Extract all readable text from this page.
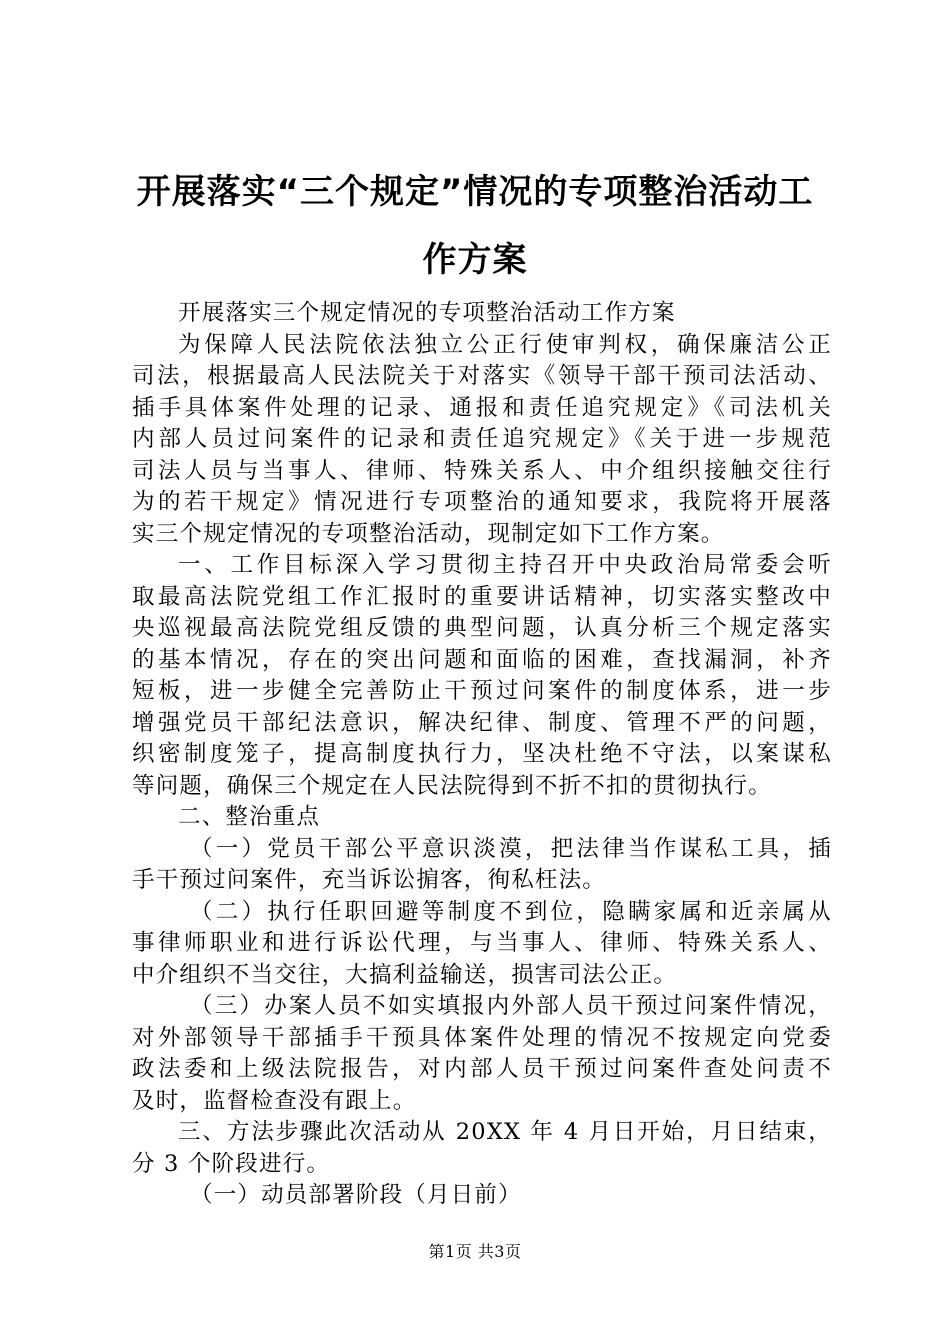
开展落实“三个规定”情况的专项整治活动工
作方案
开展落实三个规定情况的专项整治活动工作方案
为保障人民法院依法独立公正行使审判权，确保廉洁公正
司法，根据最高人民法院关于对落实《领导干部干预司法活动、
插手具体案件处理的记录、通报和责任追究规定》《司法机关
内部人员过问案件的记录和责任追究规定》《关于进一步规范
司法人员与当事人、律师、特殊关系人、中介组织接触交往行
为的若干规定》情况进行专项整治的通知要求，我院将开展落
实三个规定情况的专项整治活动，现制定如下工作方案。
一、工作目标深入学习贯彻主持召开中央政治局常委会听
取最高法院党组工作汇报时的重要讲话精神，切实落实整改中
央巡视最高法院党组反馈的典型问题，认真分析三个规定落实
的基本情况，存在的突出问题和面临的困难，查找漏洞，补齐
短板，进一步健全完善防止干预过问案件的制度体系，进一步
增强党员干部纪法意识，解决纪律、制度、管理不严的问题，
织密制度笼子，提高制度执行力，坚决杜绝不守法，以案谋私
等问题，确保三个规定在人民法院得到不折不扣的贯彻执行。
二、整治重点
（一）党员干部公平意识淡漠，把法律当作谋私工具，插
手干预过问案件，充当诉讼掮客，徇私枉法。
（二）执行任职回避等制度不到位，隐瞒家属和近亲属从
事律师职业和进行诉讼代理，与当事人、律师、特殊关系人、
中介组织不当交往，大搞利益输送，损害司法公正。
（三）办案人员不如实填报内外部人员干预过问案件情况，
对外部领导干部插手干预具体案件处理的情况不按规定向党委
政法委和上级法院报告，对内部人员干预过问案件查处问责不
及时，监督检查没有跟上。
三、方法步骤此次活动从 20XX 年 4 月日开始，月日结束，
分 3 个阶段进行。
（一）动员部署阶段（月日前）
第1页 共3页
